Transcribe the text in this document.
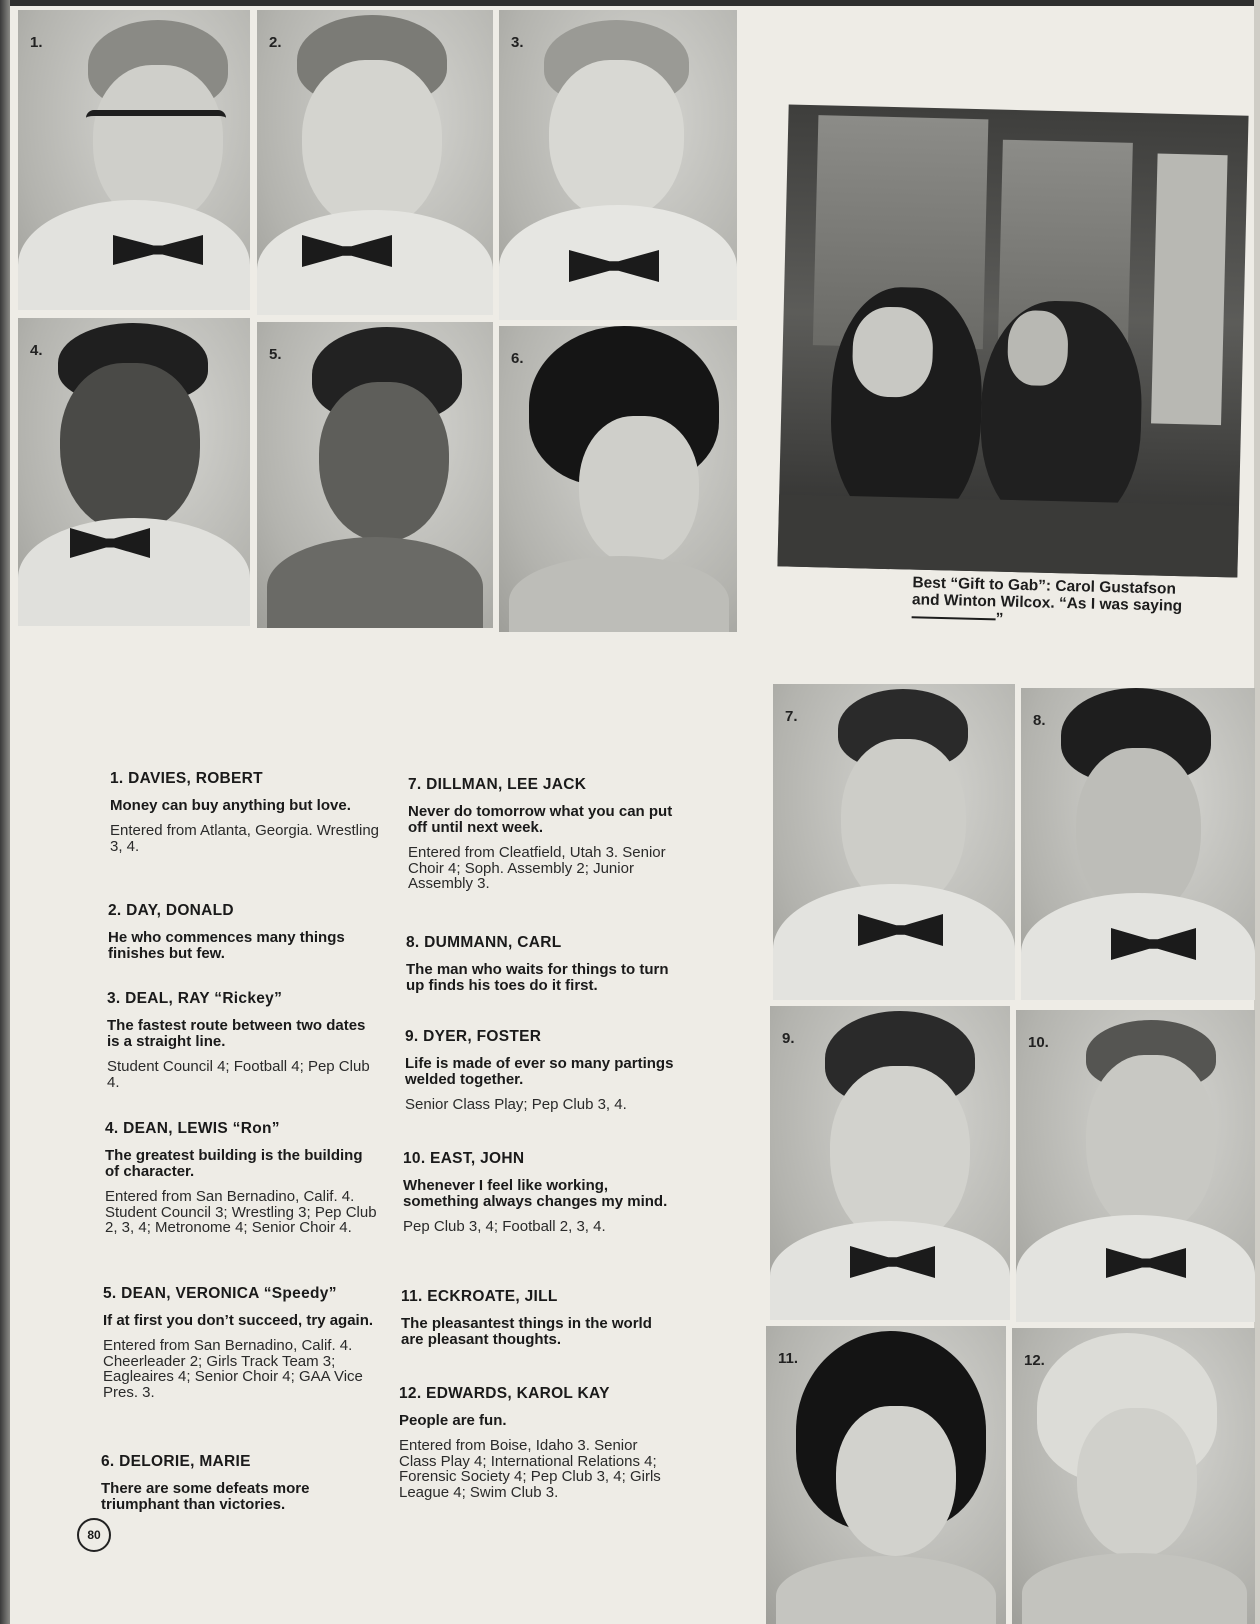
1.	2.	3.
4.	5.	6.
Best “Gift to Gab”: Carol Gustafson
and Winton Wilcox. “As I was saying
”
1. DAVIES, ROBERT
Money can buy anything but love.
Entered from Atlanta, Georgia. Wrestling 3, 4.
2. DAY, DONALD
He who commences many things finishes but few.
3. DEAL, RAY “Rickey”
The fastest route between two dates is a straight line.
Student Council 4; Football 4; Pep Club 4.
4. DEAN, LEWIS “Ron”
The greatest building is the building of character.
Entered from San Bernadino, Calif. 4. Student Council 3; Wrestling 3; Pep Club 2, 3, 4; Metronome 4; Senior Choir 4.
5. DEAN, VERONICA “Speedy”
If at first you don’t succeed, try again.
Entered from San Bernadino, Calif. 4. Cheerleader 2; Girls Track Team 3; Eagleaires 4; Senior Choir 4; GAA Vice Pres. 3.
6. DELORIE, MARIE
There are some defeats more triumphant than victories.
7. DILLMAN, LEE JACK
Never do tomorrow what you can put off until next week.
Entered from Cleatfield, Utah 3. Senior Choir 4; Soph. Assembly 2; Junior Assembly 3.
8. DUMMANN, CARL
The man who waits for things to turn up finds his toes do it first.
9. DYER, FOSTER
Life is made of ever so many partings welded together.
Senior Class Play; Pep Club 3, 4.
10. EAST, JOHN
Whenever I feel like working, something always changes my mind.
Pep Club 3, 4; Football 2, 3, 4.
11. ECKROATE, JILL
The pleasantest things in the world are pleasant thoughts.
12. EDWARDS, KAROL KAY
People are fun.
Entered from Boise, Idaho 3. Senior Class Play 4; International Relations 4; Forensic Society 4; Pep Club 3, 4; Girls League 4; Swim Club 3.
7.	8.
9.	10.
11.	12.
80
